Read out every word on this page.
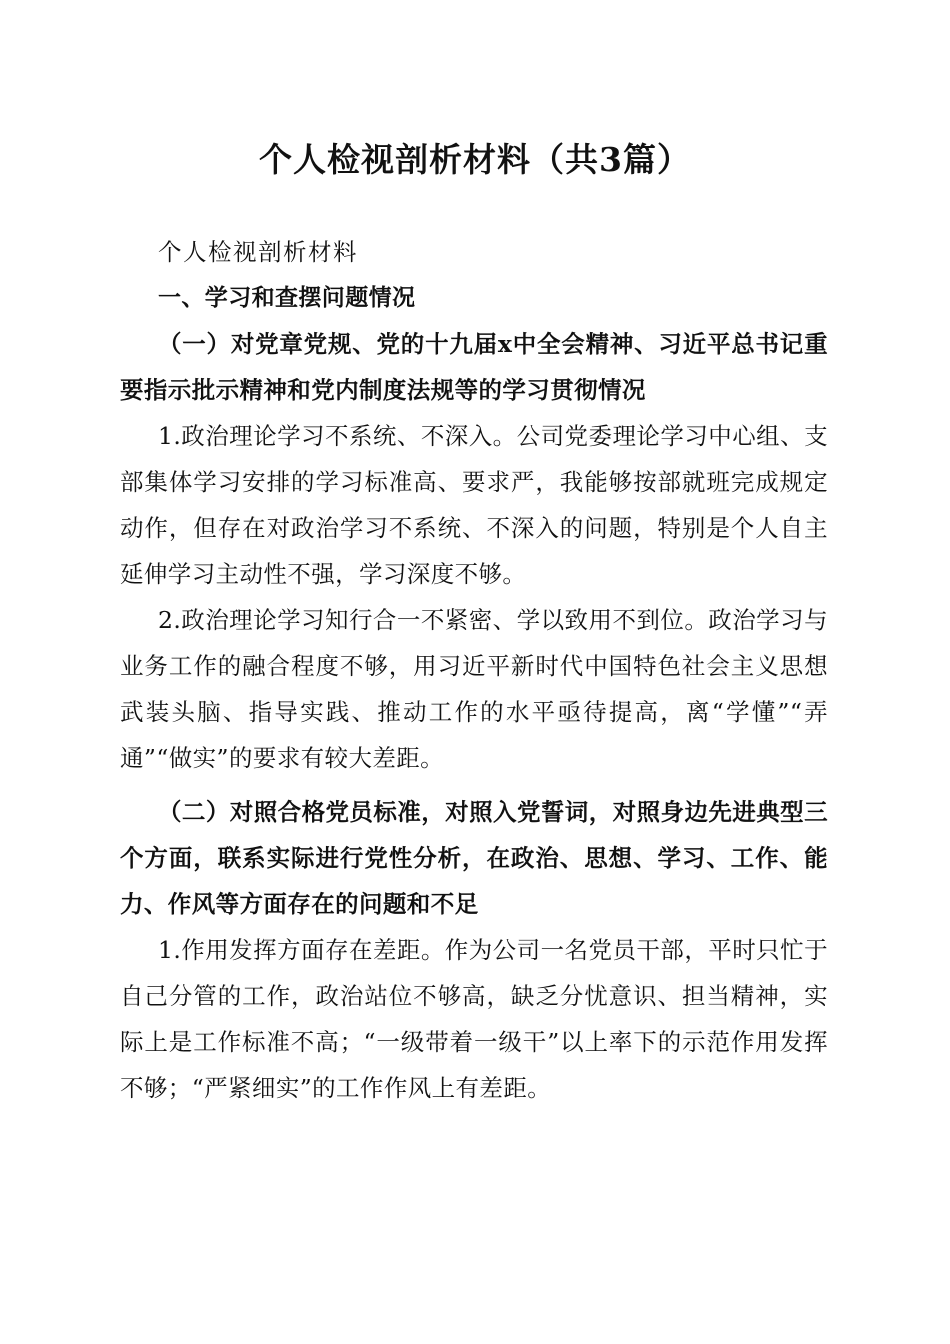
个人检视剖析材料（共3篇）

个人检视剖析材料

一、学习和查摆问题情况

（一）对党章党规、党的十九届x中全会精神、习近平总书记重要指示批示精神和党内制度法规等的学习贯彻情况

1.政治理论学习不系统、不深入。公司党委理论学习中心组、支部集体学习安排的学习标准高、要求严，我能够按部就班完成规定动作，但存在对政治学习不系统、不深入的问题，特别是个人自主延伸学习主动性不强，学习深度不够。

2.政治理论学习知行合一不紧密、学以致用不到位。政治学习与业务工作的融合程度不够，用习近平新时代中国特色社会主义思想武装头脑、指导实践、推动工作的水平亟待提高，离“学懂”“弄通”“做实”的要求有较大差距。

（二）对照合格党员标准，对照入党誓词，对照身边先进典型三个方面，联系实际进行党性分析，在政治、思想、学习、工作、能力、作风等方面存在的问题和不足

1.作用发挥方面存在差距。作为公司一名党员干部，平时只忙于自己分管的工作，政治站位不够高，缺乏分忧意识、担当精神，实际上是工作标准不高；“一级带着一级干”以上率下的示范作用发挥不够；“严紧细实”的工作作风上有差距。
